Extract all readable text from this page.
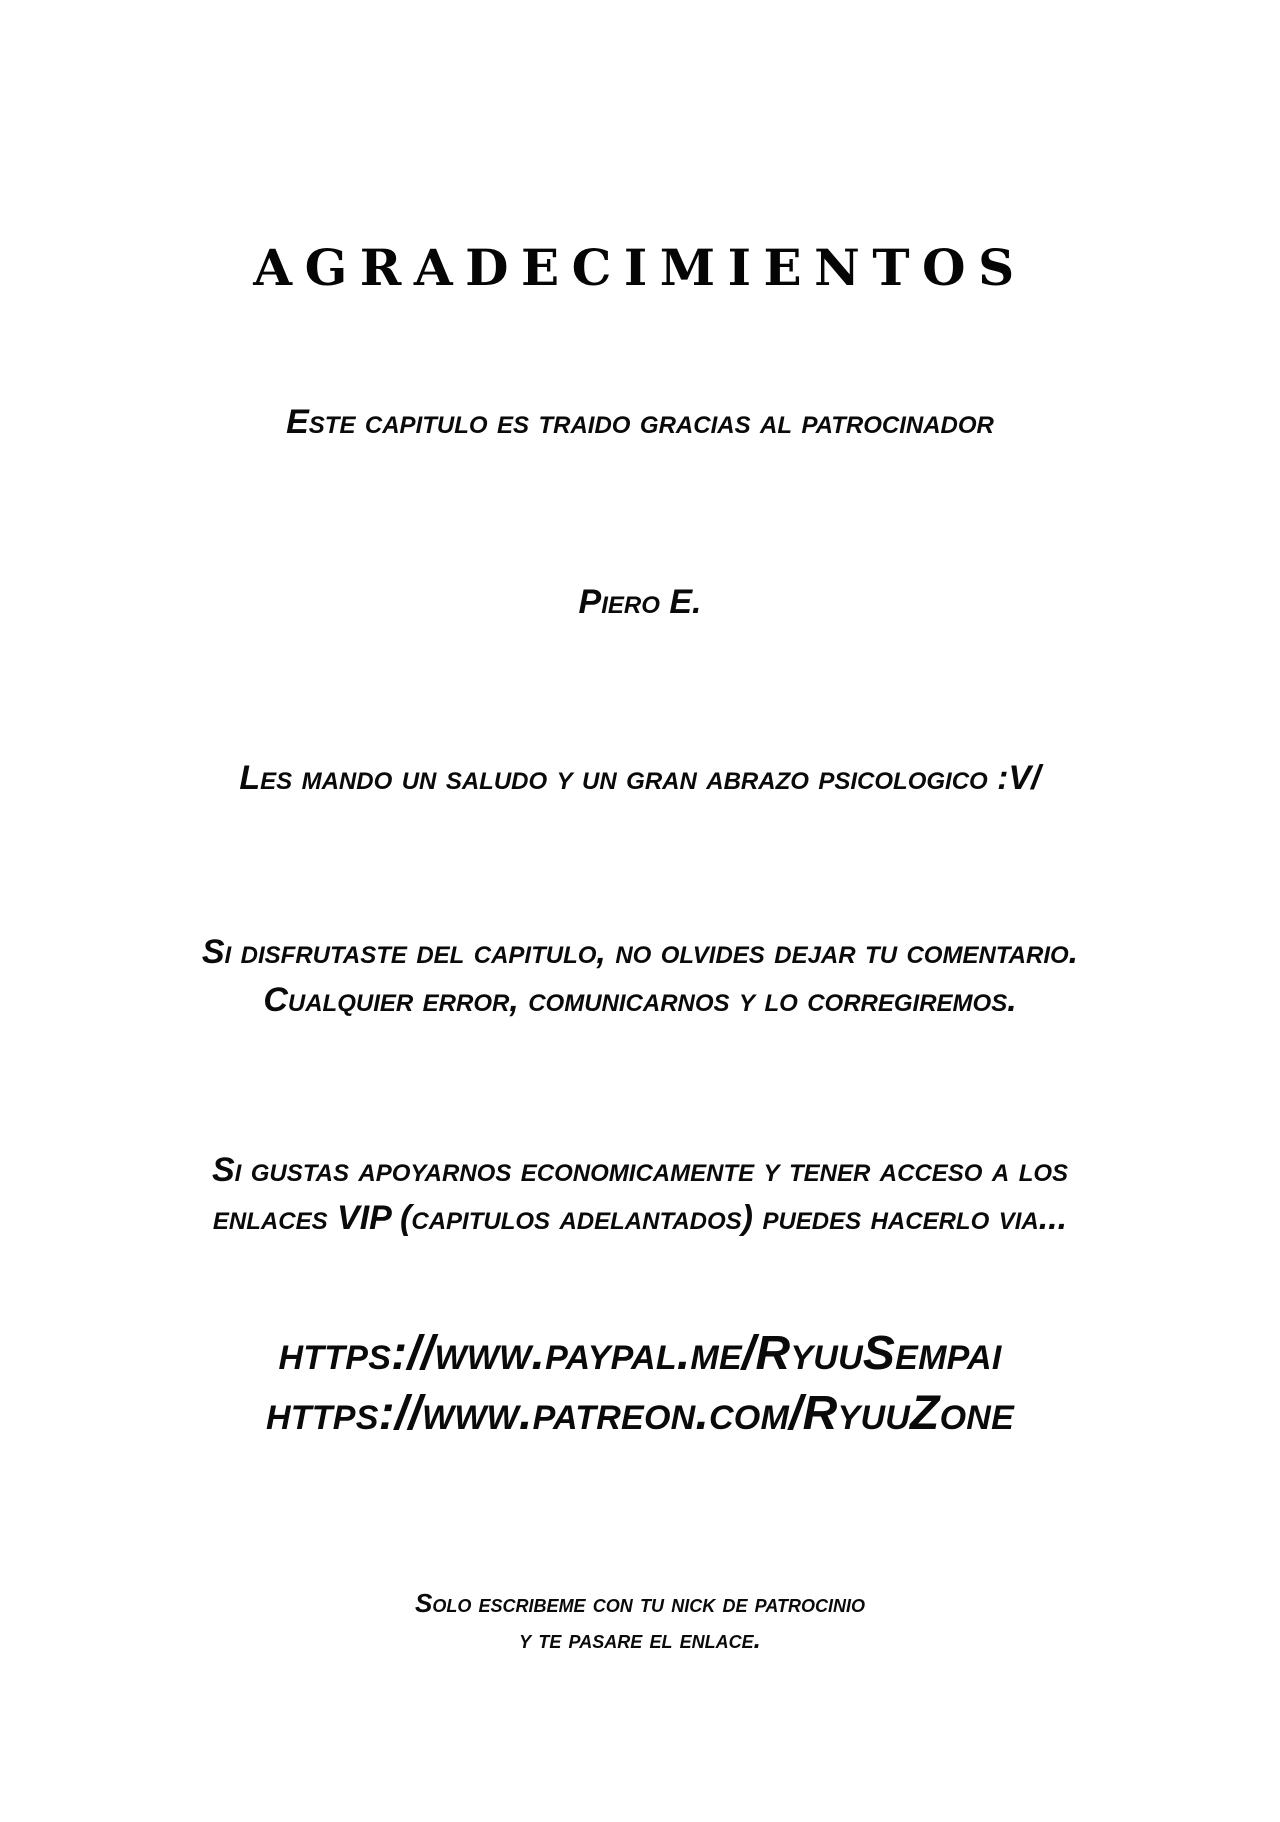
AGRADECIMIENTOS

Este capitulo es traido gracias al patrocinador

Piero E.

Les mando un saludo y un gran abrazo psicologico :V/

Si disfrutaste del capitulo, no olvides dejar tu comentario.

Cualquier error, comunicarnos y lo corregiremos.

Si gustas apoyarnos economicamente y tener acceso a los

enlaces VIP (capitulos adelantados) puedes hacerlo via...

https://www.paypal.me/RyuuSempai

https://www.patreon.com/RyuuZone

Solo escribeme con tu nick de patrocinio

y te pasare el enlace.
